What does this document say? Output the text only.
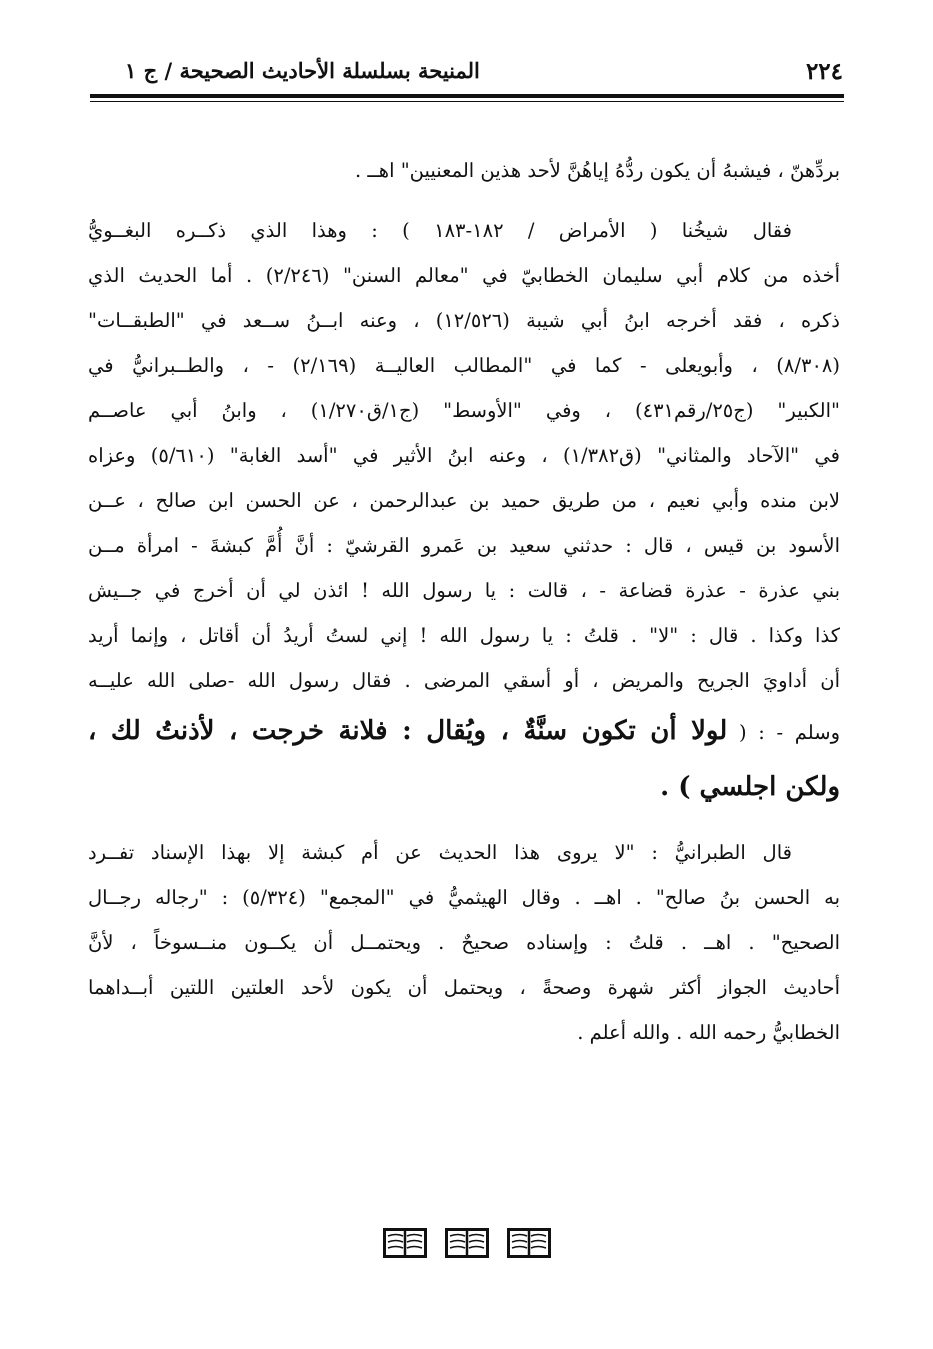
٢٢٤
المنيحة بسلسلة الأحاديث الصحيحة / ج ١
بردِّهنّ ، فيشبهُ أن يكون ردُّهُ إياهُنَّ لأحد هذين المعنيين" اهــ .
فقال شيخُنا ( الأمراض / ١٨٢-١٨٣ ) : وهذا الذي ذكــره البغــويُّ
أخذه من كلام أبي سليمان الخطابيّ في "معالم السنن" (٢/٢٤٦) . أما الحديث الذي
ذكره ، فقد أخرجه ابنُ أبي شيبة (١٢/٥٢٦) ، وعنه ابــنُ ســعد في "الطبقــات"
(٨/٣٠٨) ، وأبويعلى - كما في "المطالب العاليــة (٢/١٦٩) - ، والطــبرانيُّ في
"الكبير" (ج٢٥/رقم٤٣١) ، وفي "الأوسط" (ج١/ق١/٢٧٠) ، وابنُ أبي عاصــم
في "الآحاد والمثاني" (ق١/٣٨٢) ، وعنه ابنُ الأثير في "أسد الغابة" (٥/٦١٠) وعزاه
لابن منده وأبي نعيم ، من طريق حميد بن عبدالرحمن ، عن الحسن ابن صالح ، عــن
الأسود بن قيس ، قال : حدثني سعيد بن عَمرو القرشيّ : أنَّ أُمَّ كبشةَ - امرأة مــن
بني عذرة - عذرة قضاعة - ، قالت : يا رسول الله ! ائذن لي أن أخرج في جــيش
كذا وكذا . قال : "لا" . قلتُ : يا رسول الله ! إني لستُ أريدُ أن أقاتل ، وإنما أريد
أن أداويَ الجريح والمريض ، أو أسقي المرضى . فقال رسول الله -صلى الله عليــه
وسلم - : ( لولا أن تكون سنَّةٌ ، ويُقال : فلانة خرجت ، لأذنتُ لك ،
ولكن اجلسي ) .
قال الطبرانيُّ : "لا يروى هذا الحديث عن أم كبشة إلا بهذا الإسناد تفــرد
به الحسن بنُ صالح" . اهــ . وقال الهيثميُّ في "المجمع" (٥/٣٢٤) : "رجاله رجــال
الصحيح" . اهــ . قلتُ : وإسناده صحيحٌ . ويحتمــل أن يكــون منــسوخاً ، لأنَّ
أحاديث الجواز أكثر شهرة وصحةً ، ويحتمل أن يكون لأحد العلتين اللتين أبــداهما
الخطابيُّ رحمه الله . والله أعلم .
